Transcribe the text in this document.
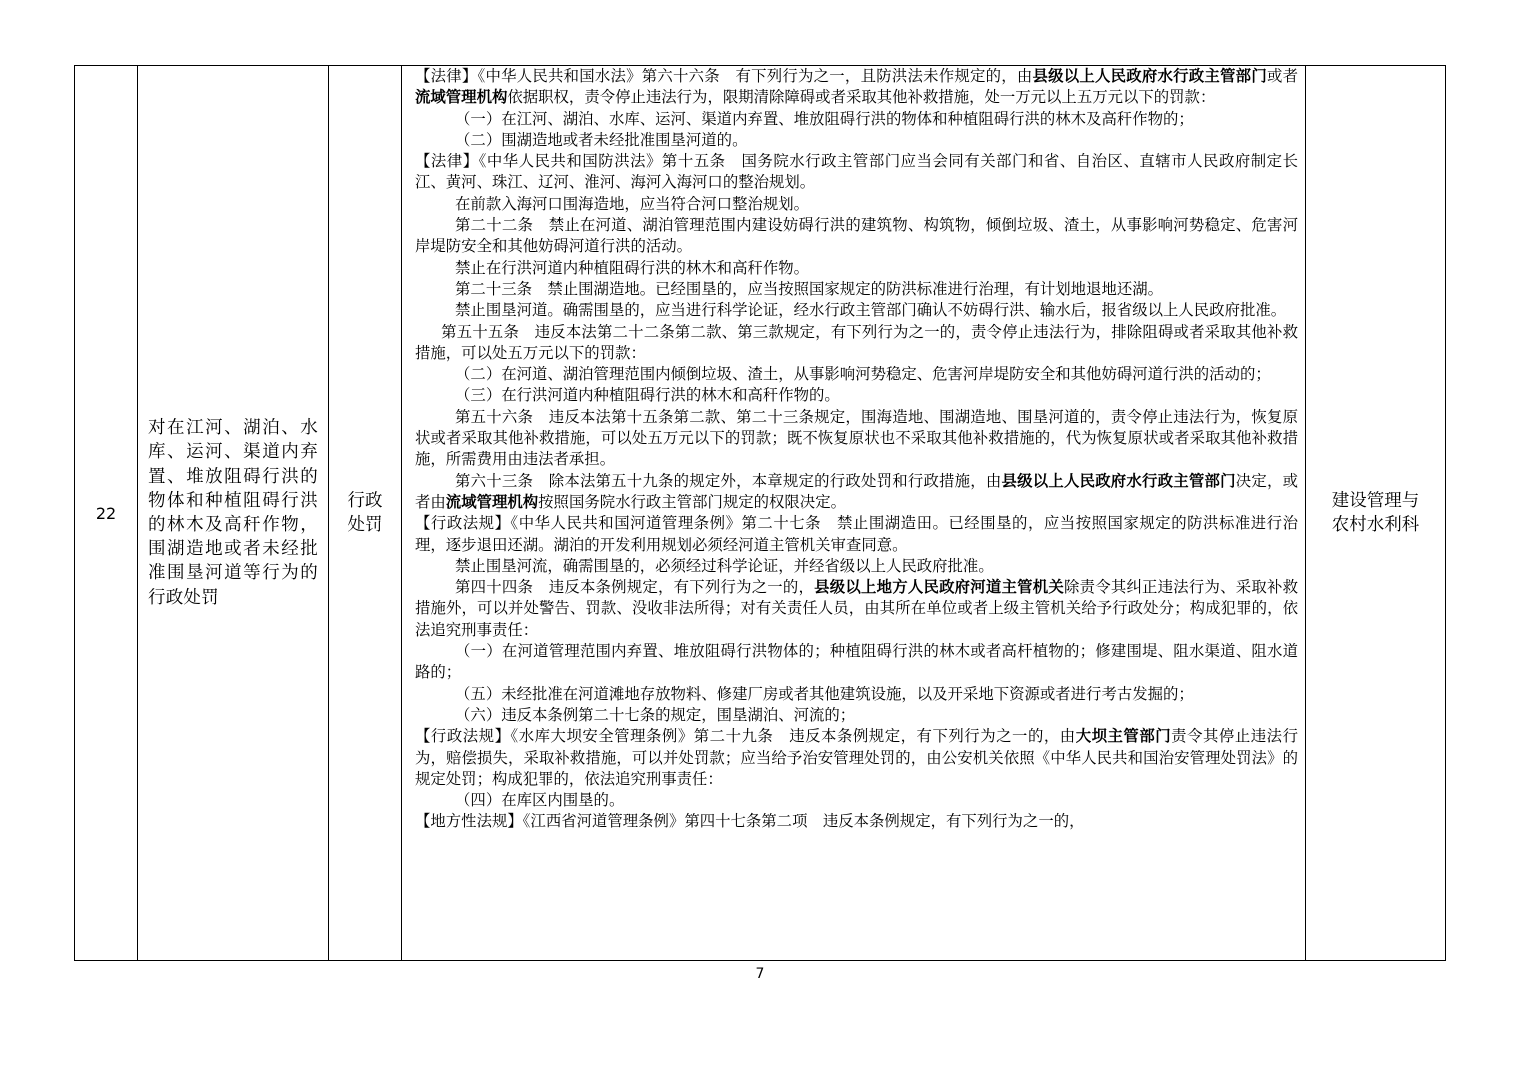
22
对在江河、湖泊、水库、运河、渠道内弃置、堆放阻碍行洪的物体和种植阻碍行洪的林木及高秆作物，围湖造地或者未经批准围垦河道等行为的行政处罚
行政
处罚

【法律】《中华人民共和国水法》第六十六条　有下列行为之一，且防洪法未作规定的，由县级以上人民政府水行政主管部门或者流域管理机构依据职权，责令停止违法行为，限期清除障碍或者采取其他补救措施，处一万元以上五万元以下的罚款：

（一）在江河、湖泊、水库、运河、渠道内弃置、堆放阻碍行洪的物体和种植阻碍行洪的林木及高秆作物的；

（二）围湖造地或者未经批准围垦河道的。

【法律】《中华人民共和国防洪法》第十五条　国务院水行政主管部门应当会同有关部门和省、自治区、直辖市人民政府制定长江、黄河、珠江、辽河、淮河、海河入海河口的整治规划。

在前款入海河口围海造地，应当符合河口整治规划。

第二十二条　禁止在河道、湖泊管理范围内建设妨碍行洪的建筑物、构筑物，倾倒垃圾、渣土，从事影响河势稳定、危害河岸堤防安全和其他妨碍河道行洪的活动。

禁止在行洪河道内种植阻碍行洪的林木和高秆作物。

第二十三条　禁止围湖造地。已经围垦的，应当按照国家规定的防洪标准进行治理，有计划地退地还湖。

禁止围垦河道。确需围垦的，应当进行科学论证，经水行政主管部门确认不妨碍行洪、输水后，报省级以上人民政府批准。

第五十五条　违反本法第二十二条第二款、第三款规定，有下列行为之一的，责令停止违法行为，排除阻碍或者采取其他补救措施，可以处五万元以下的罚款：

（二）在河道、湖泊管理范围内倾倒垃圾、渣土，从事影响河势稳定、危害河岸堤防安全和其他妨碍河道行洪的活动的；

（三）在行洪河道内种植阻碍行洪的林木和高秆作物的。

第五十六条　违反本法第十五条第二款、第二十三条规定，围海造地、围湖造地、围垦河道的，责令停止违法行为，恢复原状或者采取其他补救措施，可以处五万元以下的罚款；既不恢复原状也不采取其他补救措施的，代为恢复原状或者采取其他补救措施，所需费用由违法者承担。

第六十三条　除本法第五十九条的规定外，本章规定的行政处罚和行政措施，由县级以上人民政府水行政主管部门决定，或者由流域管理机构按照国务院水行政主管部门规定的权限决定。

【行政法规】《中华人民共和国河道管理条例》第二十七条　禁止围湖造田。已经围垦的，应当按照国家规定的防洪标准进行治理，逐步退田还湖。湖泊的开发利用规划必须经河道主管机关审查同意。

禁止围垦河流，确需围垦的，必须经过科学论证，并经省级以上人民政府批准。

第四十四条　违反本条例规定，有下列行为之一的，县级以上地方人民政府河道主管机关除责令其纠正违法行为、采取补救措施外，可以并处警告、罚款、没收非法所得；对有关责任人员，由其所在单位或者上级主管机关给予行政处分；构成犯罪的，依法追究刑事责任：

（一）在河道管理范围内弃置、堆放阻碍行洪物体的；种植阻碍行洪的林木或者高杆植物的；修建围堤、阻水渠道、阻水道路的；

（五）未经批准在河道滩地存放物料、修建厂房或者其他建筑设施，以及开采地下资源或者进行考古发掘的；

（六）违反本条例第二十七条的规定，围垦湖泊、河流的；

【行政法规】《水库大坝安全管理条例》第二十九条　违反本条例规定，有下列行为之一的，由大坝主管部门责令其停止违法行为，赔偿损失，采取补救措施，可以并处罚款；应当给予治安管理处罚的，由公安机关依照《中华人民共和国治安管理处罚法》的规定处罚；构成犯罪的，依法追究刑事责任：

（四）在库区内围垦的。

【地方性法规】《江西省河道管理条例》第四十七条第二项　违反本条例规定，有下列行为之一的，

建设管理与
农村水利科
7
